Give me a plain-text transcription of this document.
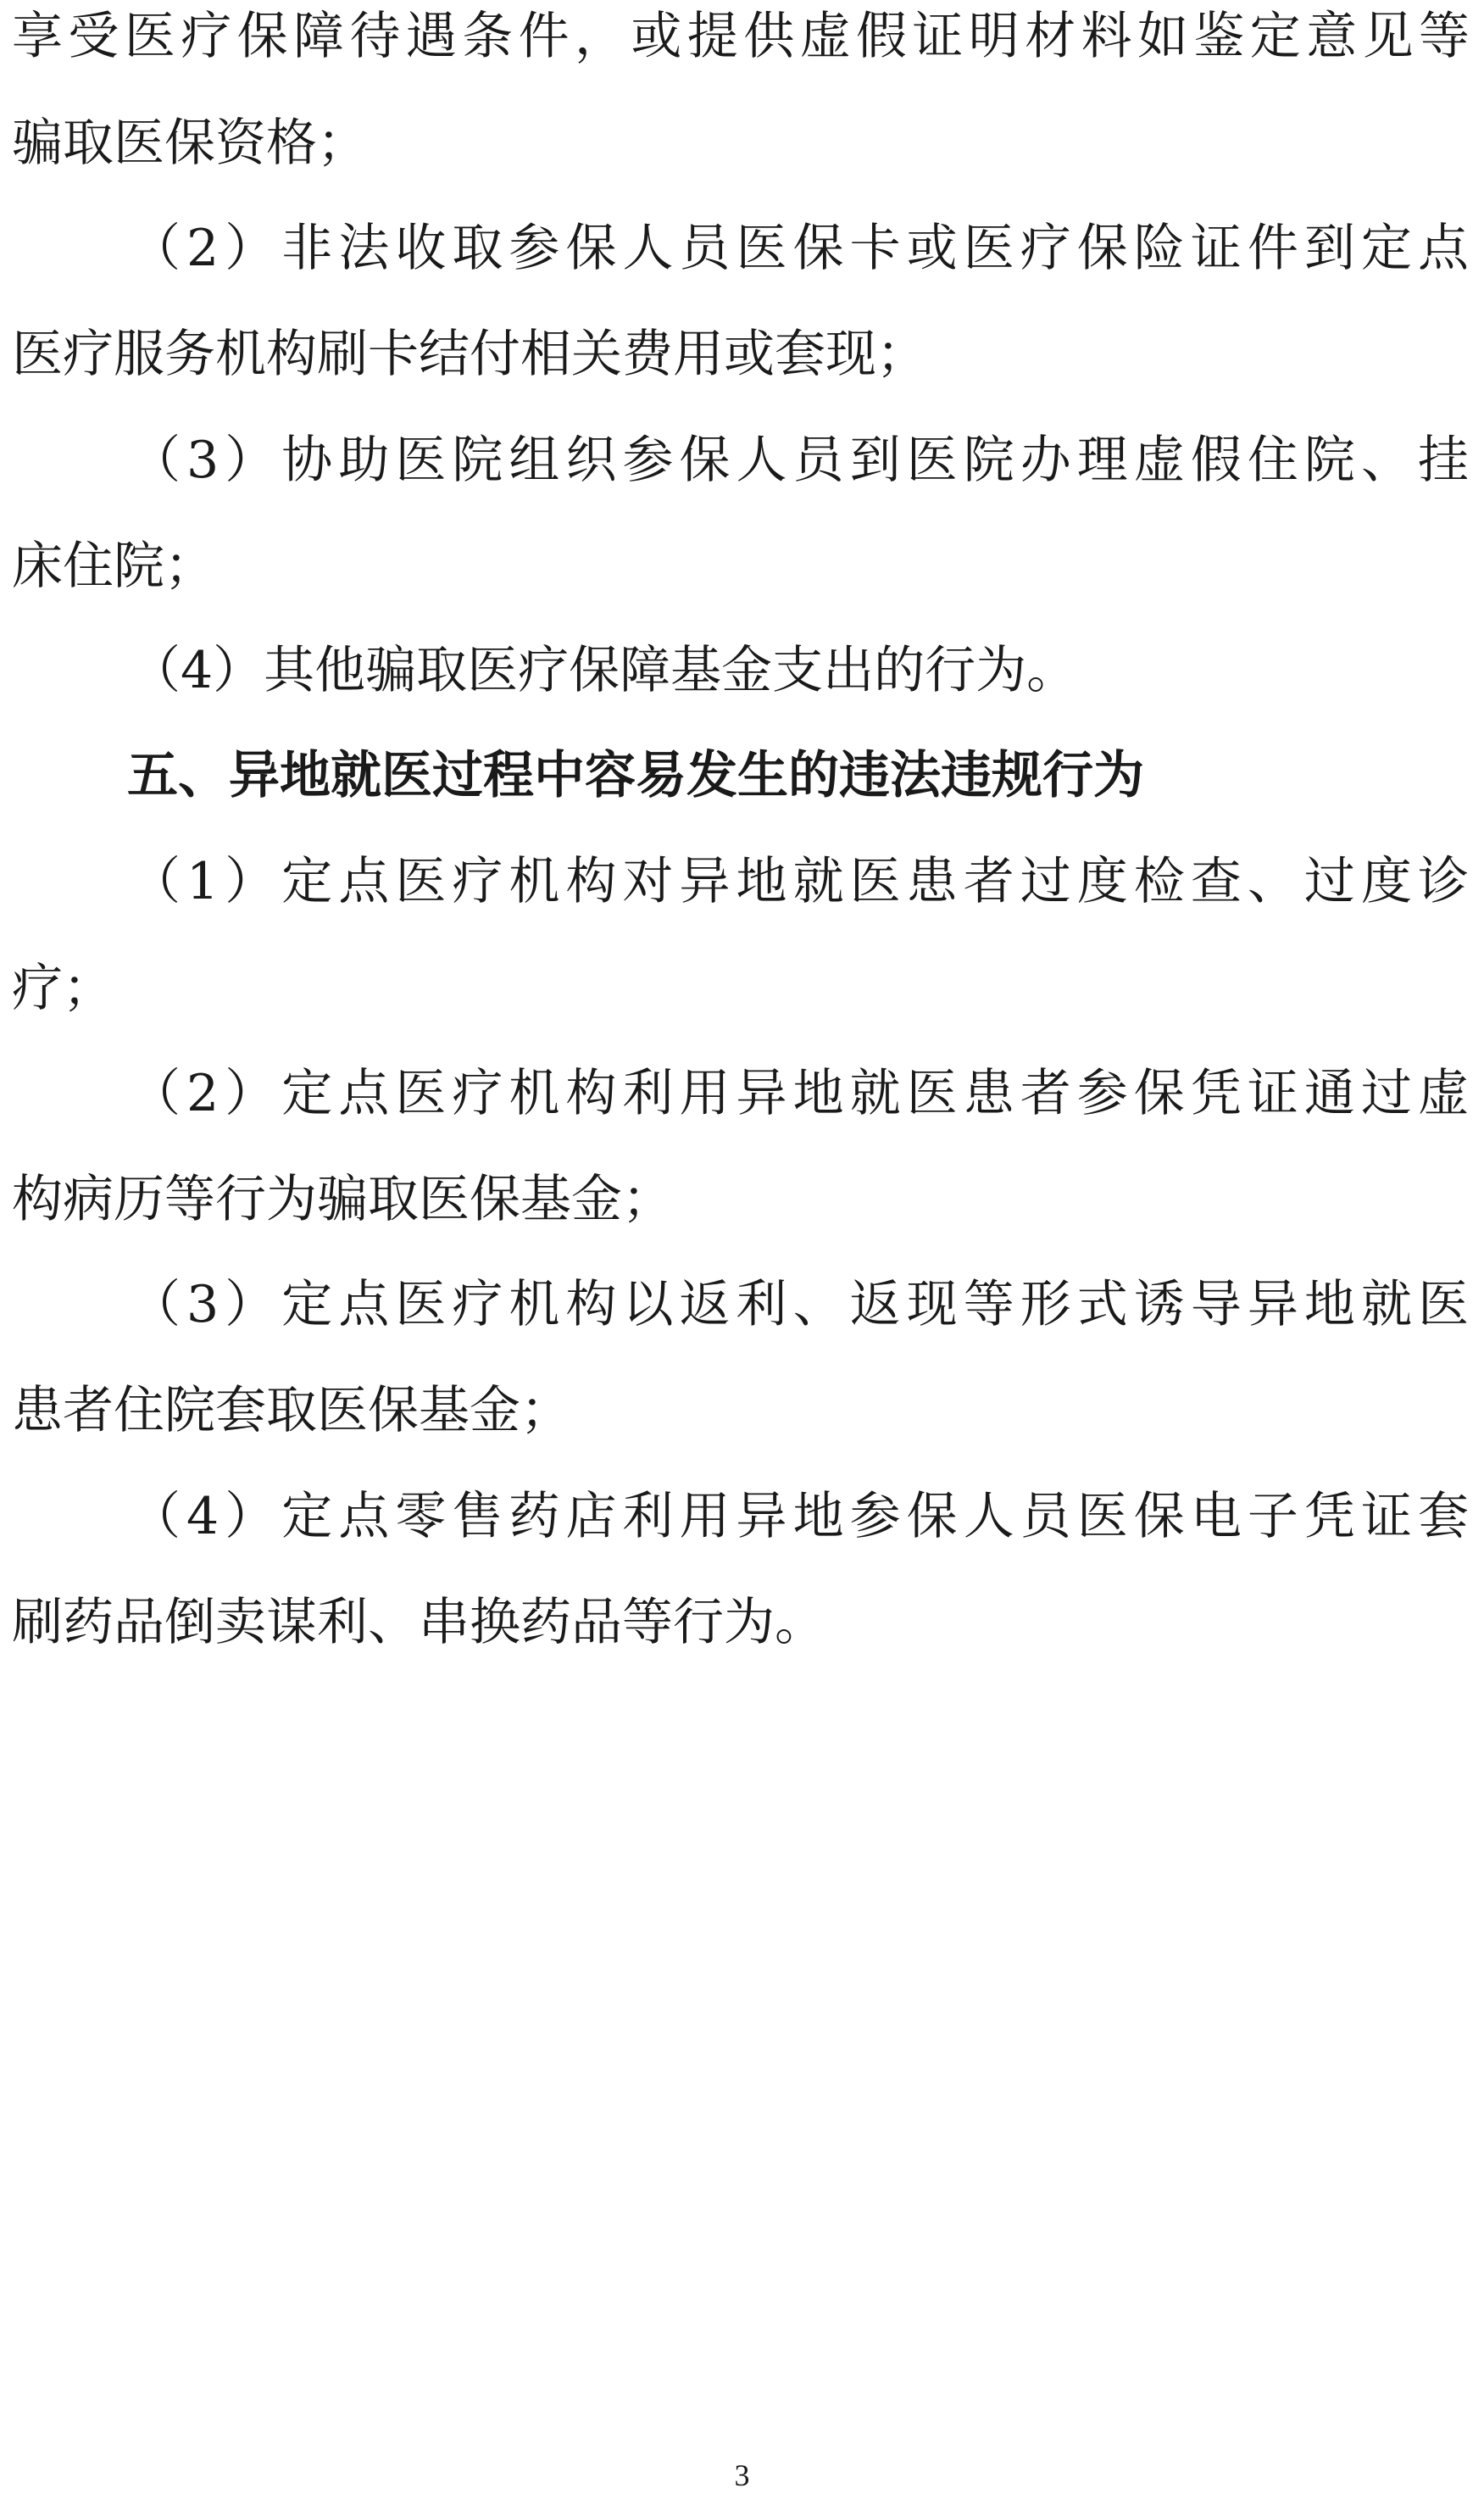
享受医疗保障待遇条件，或提供虚假证明材料如鉴定意见等
骗取医保资格；
（2）非法收取参保人员医保卡或医疗保险证件到定点
医疗服务机构刷卡结付相关费用或套现；
（3）协助医院组织参保人员到医院办理虚假住院、挂
床住院；
（4）其他骗取医疗保障基金支出的行为。
五、异地就医过程中容易发生的违法违规行为
（1）定点医疗机构对异地就医患者过度检查、过度诊
疗；
（2）定点医疗机构利用异地就医患者参保凭证通过虚
构病历等行为骗取医保基金；
（3）定点医疗机构以返利、返现等形式诱导异地就医
患者住院套取医保基金；
（4）定点零售药店利用异地参保人员医保电子凭证套
刷药品倒卖谋利、串换药品等行为。
3
